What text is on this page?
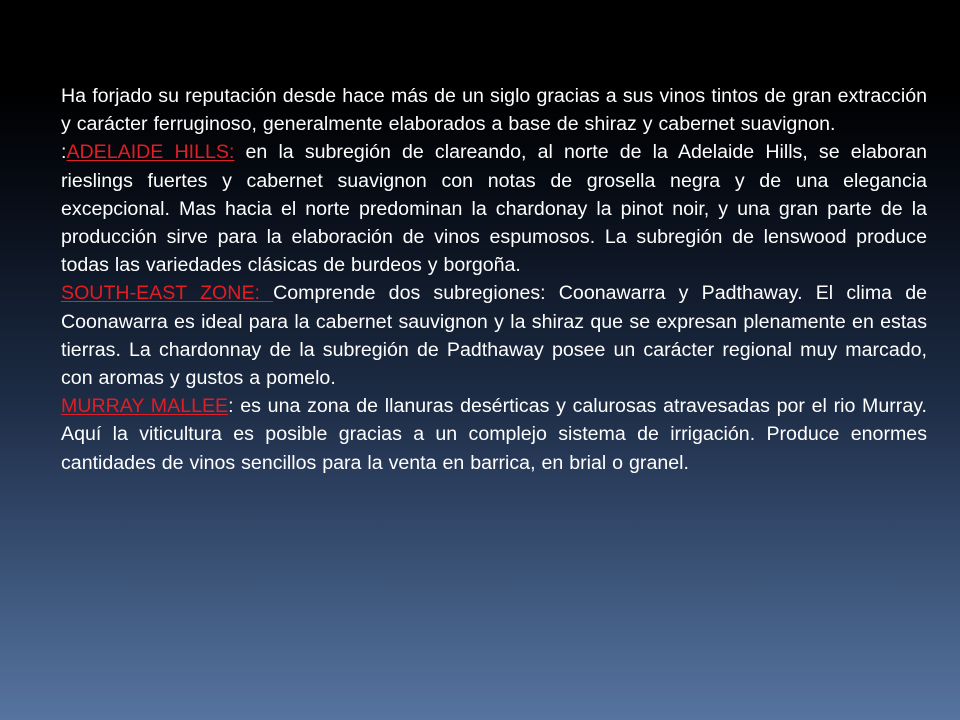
Ha forjado su reputación desde hace más de un siglo gracias a sus vinos tintos de gran extracción y carácter ferruginoso, generalmente elaborados a base de shiraz y cabernet suavignon.

:ADELAIDE HILLS: en la subregión de clareando, al norte de la Adelaide Hills, se elaboran rieslings fuertes y cabernet suavignon con notas de grosella negra y de una elegancia excepcional. Mas hacia el norte predominan la chardonay la pinot noir, y una gran parte de la producción sirve para la elaboración de vinos espumosos. La subregión de lenswood produce todas las variedades clásicas de burdeos y borgoña.

SOUTH-EAST ZONE: Comprende dos subregiones: Coonawarra y Padthaway. El clima de Coonawarra es ideal para la cabernet sauvignon y la shiraz que se expresan plenamente en estas tierras. La chardonnay de la subregión de Padthaway posee un carácter regional muy marcado, con aromas y gustos a pomelo.

MURRAY MALLEE: es una zona de llanuras desérticas y calurosas atravesadas por el rio Murray. Aquí la viticultura es posible gracias a un complejo sistema de irrigación. Produce enormes cantidades de vinos sencillos para la venta en barrica, en brial o granel.
